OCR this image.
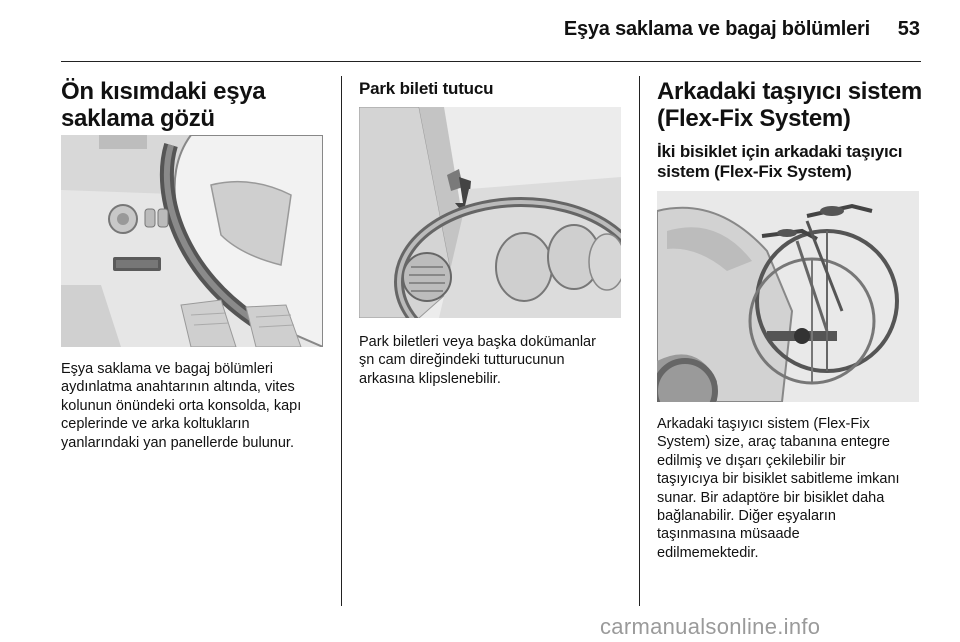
Eşya saklama ve bagaj bölümleri	53
Ön kısımdaki eşya
saklama gözü

Eşya saklama ve bagaj bölümleri
aydınlatma anahtarının altında, vites
kolunun önündeki orta konsolda, kapı
ceplerinde ve arka koltukların
yanlarındaki yan panellerde bulunur.

Park bileti tutucu

Park biletleri veya başka dokümanlar
şn cam direğindeki tutturucunun
arkasına klipslenebilir.

Arkadaki taşıyıcı sistem
(Flex-Fix System)
İki bisiklet için arkadaki taşıyıcı
sistem (Flex-Fix System)

Arkadaki taşıyıcı sistem (Flex-Fix
System) size, araç tabanına entegre
edilmiş ve dışarı çekilebilir bir
taşıyıcıya bir bisiklet sabitleme imkanı
sunar. Bir adaptöre bir bisiklet daha
bağlanabilir. Diğer eşyaların
taşınmasına müsaade
edilmemektedir.

carmanualsonline.info
